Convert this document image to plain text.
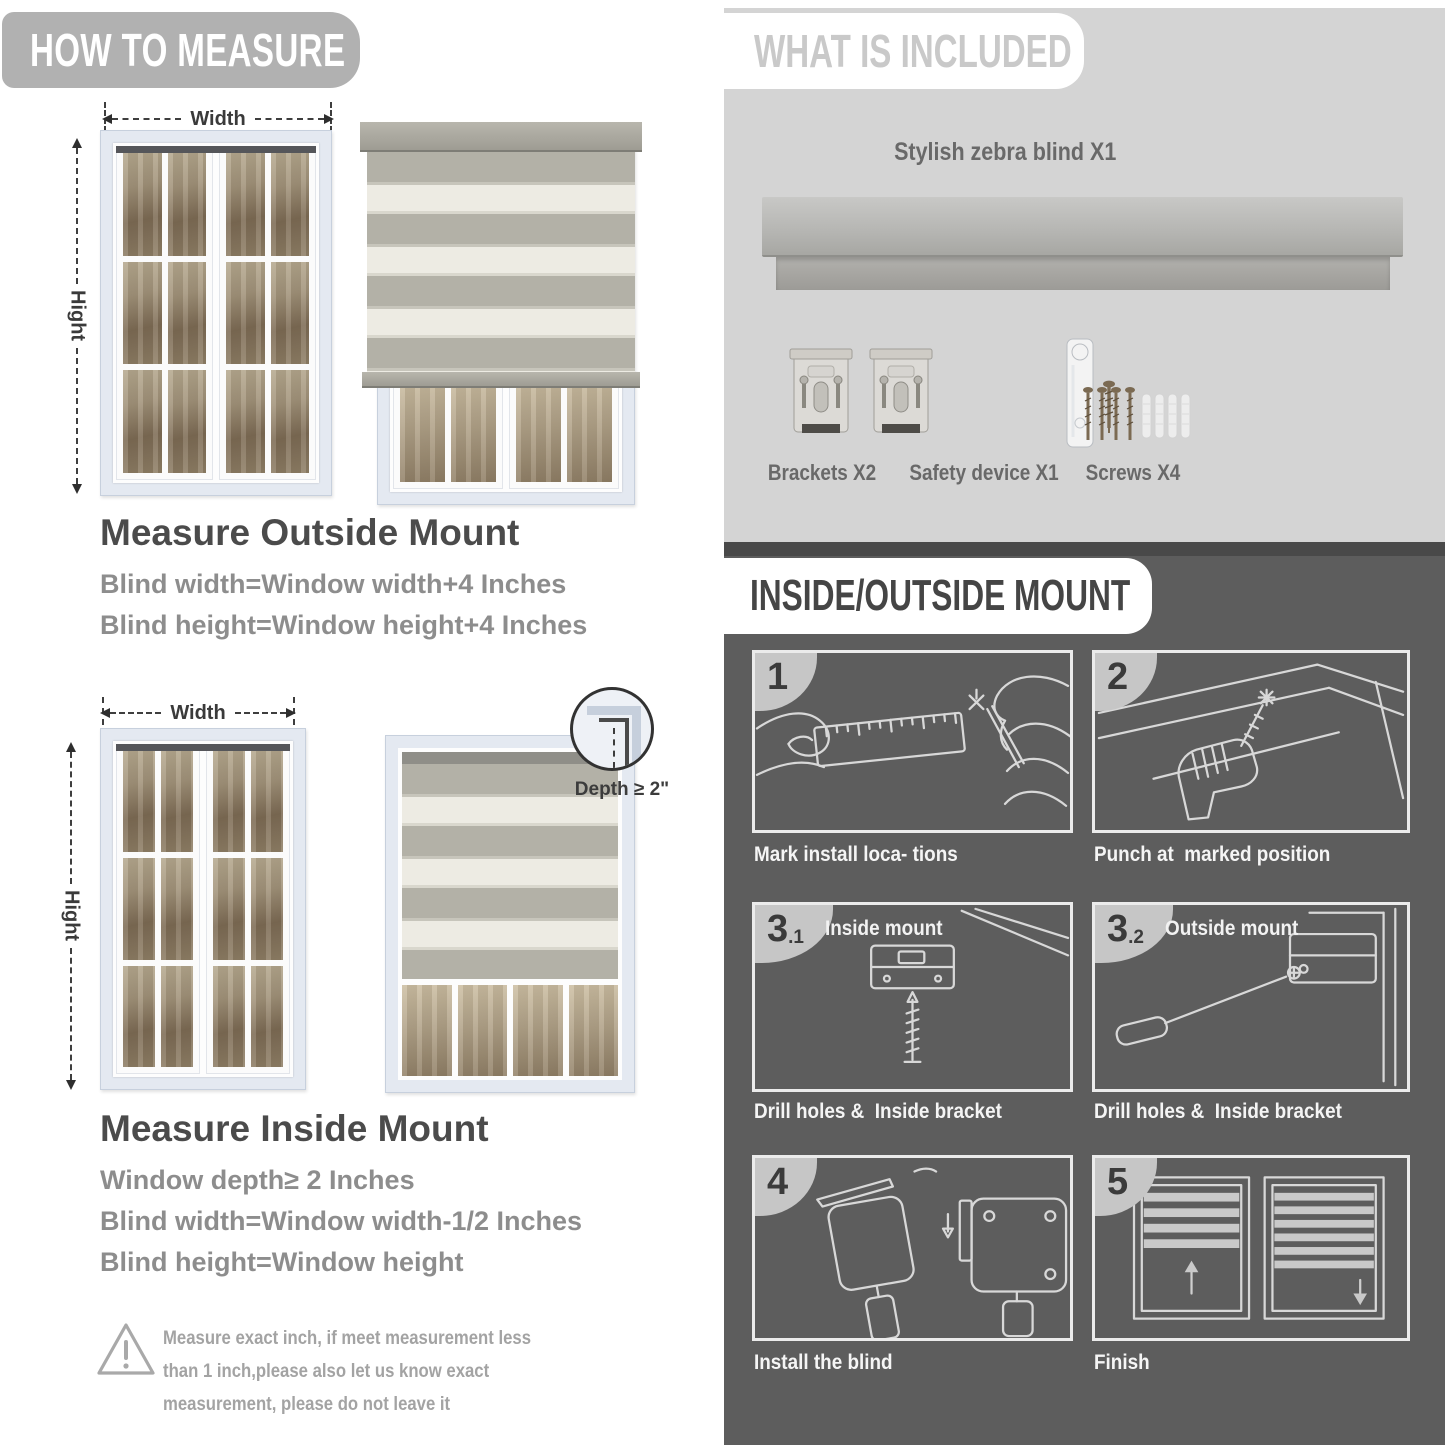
HOW TO MEASURE
Width
Hight
Measure Outside Mount
Blind width=Window width+4 Inches
Blind height=Window height+4 Inches
Width
Hight
Depth ≥ 2"
Measure Inside Mount
Window depth≥ 2 Inches
Blind width=Window width-1/2 Inches
Blind height=Window height
Measure exact inch, if meet measurement less
than 1 inch,please also let us know exact
measurement, please do not leave it
WHAT IS INCLUDED
Stylish zebra blind X1
Brackets X2 Safety device X1 Screws X4
INSIDE/OUTSIDE MOUNT
1
Mark install loca- tions
2
Punch at  marked position
3 .1 Inside mount
Drill holes &  Inside bracket
3 .2 Outside mount
Drill holes &  Inside bracket
4
Install the blind
5
Finish
